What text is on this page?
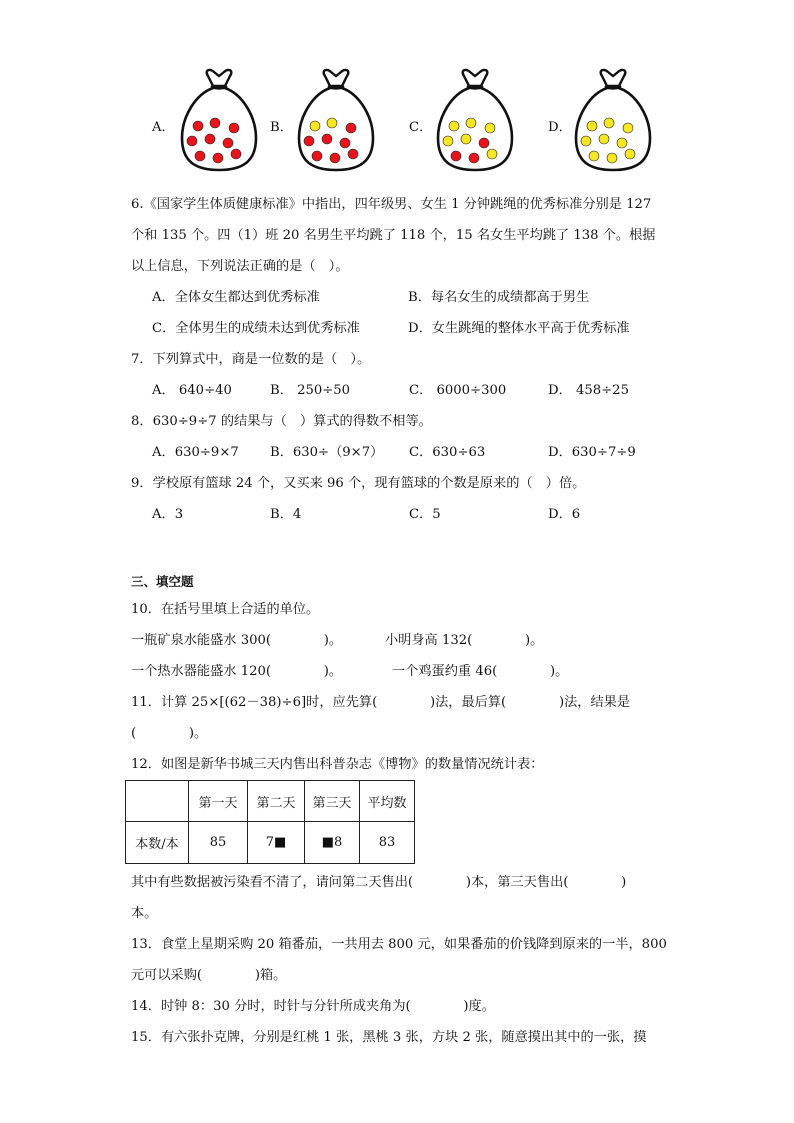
A．	B．	C．	D．
6.《国家学生体质健康标准》中指出，四年级男、女生 1 分钟跳绳的优秀标准分别是 127
个和 135 个。四（1）班 20 名男生平均跳了 118 个，15 名女生平均跳了 138 个。根据
以上信息，下列说法正确的是（　）。
A．全体女生都达到优秀标准	B．每名女生的成绩都高于男生
C．全体男生的成绩未达到优秀标准	D．女生跳绳的整体水平高于优秀标准
7．下列算式中，商是一位数的是（　）。
A． 640÷40	B． 250÷50	C． 6000÷300	D． 458÷25
8．630÷9÷7 的结果与（　）算式的得数不相等。
A．630÷9×7 B．630÷（9×7） C．630÷63	D．630÷7÷9
9．学校原有篮球 24 个，又买来 96 个，现有篮球的个数是原来的（　）倍。
A．3	B．4	C．5	D．6
三、填空题
10．在括号里填上合适的单位。
一瓶矿泉水能盛水 300(　　　　)。	小明身高 132(　　　　)。
一个热水器能盛水 120(　　　　)。	一个鸡蛋约重 46(　　　　)。
11．计算 25×[(62－38)÷6]时，应先算(　　　　)法，最后算(　　　　)法，结果是
(　　　　)。
12．如图是新华书城三天内售出科普杂志《博物》的数量情况统计表：
	第一天	第二天	第三天	平均数
本数/本	85	7■	■8	83
其中有些数据被污染看不清了，请问第二天售出(　　　　)本，第三天售出(　　　　)
本。
13．食堂上星期采购 20 箱番茄，一共用去 800 元，如果番茄的价钱降到原来的一半，800
元可以采购(　　　　)箱。
14．时钟 8：30 分时，时针与分针所成夹角为(　　　　)度。
15．有六张扑克牌，分别是红桃 1 张，黑桃 3 张，方块 2 张，随意摸出其中的一张，摸
